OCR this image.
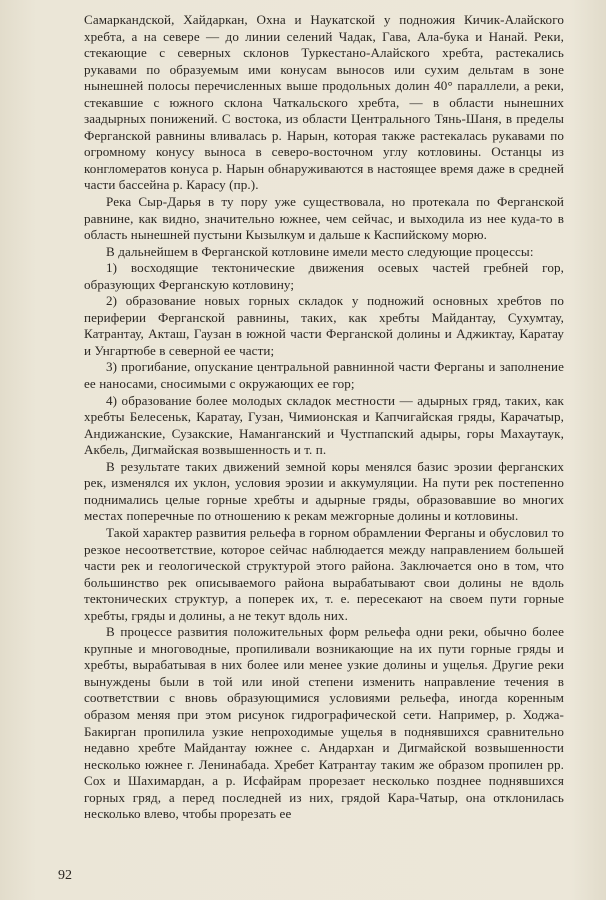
Самаркандской, Хайдаркан, Охна и Наукатской у подножия Кичик-Алайского хребта, а на севере — до линии селений Чадак, Гава, Ала-букa и Нанай. Реки, стекающие с северных склонов Туркестано-Алайского хребта, растекались рукавами по образуемым ими конусам выносов или сухим дельтам в зоне нынешней полосы перечисленных выше продольных долин 40° параллели, а реки, стекавшие с южного склона Чаткальского хребта, — в области нынешних заадырных понижений. С востока, из области Центрального Тянь-Шаня, в пределы Ферганской равнины вливалась р. Нарын, которая также растекалась рукавами по огромному конусу выноса в северо-восточном углу котловины. Останцы из конгломератов конуса р. Нарын обнаруживаются в настоящее время даже в средней части бассейна р. Карасу (пр.).

Река Сыр-Дарья в ту пору уже существовала, но протекала по Ферганской равнине, как видно, значительно южнее, чем сейчас, и выходила из нее куда-то в область нынешней пустыни Кызылкум и дальше к Каспийскому морю.

В дальнейшем в Ферганской котловине имели место следующие процессы:

1) восходящие тектонические движения осевых частей гребней гор, образующих Ферганскую котловину;

2) образование новых горных складок у подножий основных хребтов по периферии Ферганской равнины, таких, как хребты Майдантау, Сухумтау, Катрантау, Акташ, Гаузан в южной части Ферганской долины и Аджиктау, Каратау и Унгартюбе в северной ее части;

3) прогибание, опускание центральной равнинной части Ферганы и заполнение ее наносами, сносимыми с окружающих ее гор;

4) образование более молодых складок местности — адырных гряд, таких, как хребты Белесеньк, Каратау, Гузан, Чимионская и Капчигайская гряды, Карачатыр, Андижанские, Сузакские, Наманганский и Чустпапский адыры, горы Махаутаук, Акбель, Дигмайская возвышенность и т. п.

В результате таких движений земной коры менялся базис эрозии ферганских рек, изменялся их уклон, условия эрозии и аккумуляции. На пути рек постепенно поднимались целые горные хребты и адырные гряды, образовавшие во многих местах поперечные по отношению к рекам межгорные долины и котловины.

Такой характер развития рельефа в горном обрамлении Ферганы и обусловил то резкое несоответствие, которое сейчас наблюдается между направлением большей части рек и геологической структурой этого района. Заключается оно в том, что большинство рек описываемого района вырабатывают свои долины не вдоль тектонических структур, а поперек их, т. е. пересекают на своем пути горные хребты, гряды и долины, а не текут вдоль них.

В процессе развития положительных форм рельефа одни реки, обычно более крупные и многоводные, пропиливали возникающие на их пути горные гряды и хребты, вырабатывая в них более или менее узкие долины и ущелья. Другие реки вынуждены были в той или иной степени изменить направление течения в соответствии с вновь образующимися условиями рельефа, иногда коренным образом меняя при этом рисунок гидрографической сети. Например, р. Ходжа-Бакирган пропилила узкие непроходимые ущелья в поднявшихся сравнительно недавно хребте Майдантау южнее с. Андархан и Дигмайской возвышенности несколько южнее г. Ленинабада. Хребет Катрантау таким же образом пропилен рр. Сох и Шахимардан, а р. Исфайрам прорезает несколько позднее поднявшихся горных гряд, а перед последней из них, грядой Кара-Чатыр, она отклонилась несколько влево, чтобы прорезать ее

92
